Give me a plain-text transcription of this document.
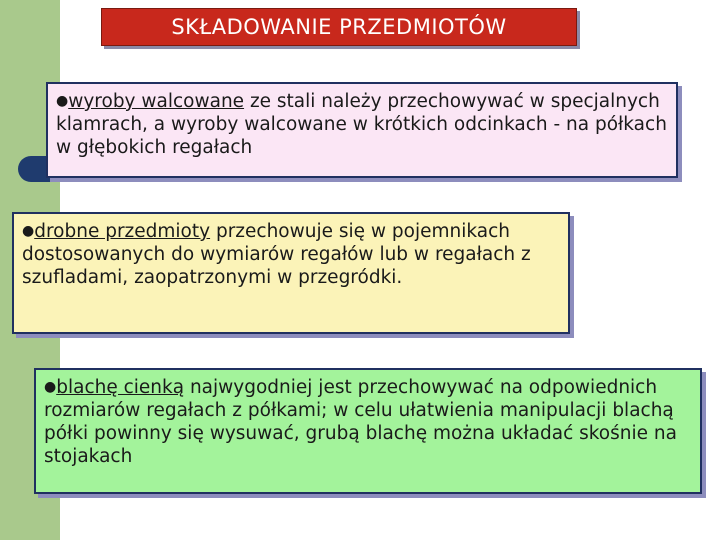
SKŁADOWANIE PRZEDMIOTÓW
●wyroby walcowane ze stali należy przechowywać w specjalnych klamrach, a wyroby walcowane w krótkich odcinkach - na półkach w głębokich regałach
●drobne przedmioty przechowuje się w pojemnikach dostosowanych do wymiarów regałów lub w regałach z szufladami, zaopatrzonymi w przegródki.
●blachę cienką najwygodniej jest przechowywać na odpowiednich rozmiarów regałach z półkami; w celu ułatwienia manipulacji blachą półki powinny się wysuwać, grubą blachę można układać skośnie na stojakach
